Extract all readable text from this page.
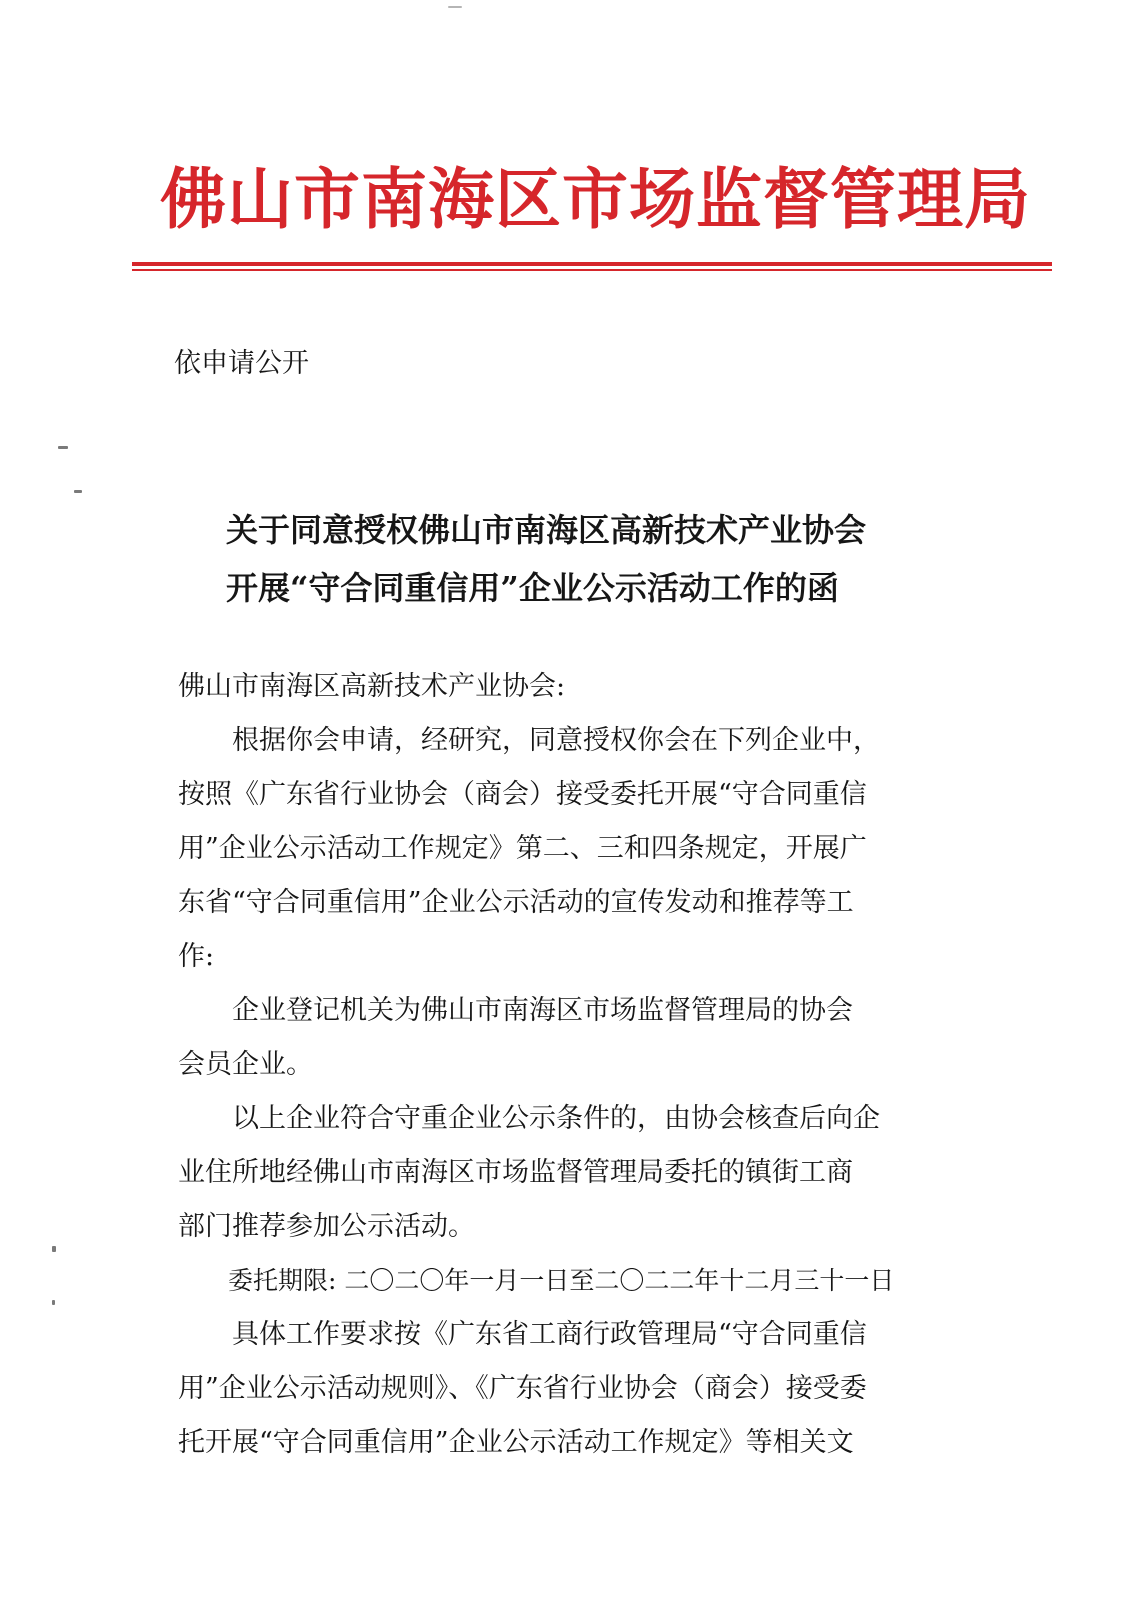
佛山市南海区市场监督管理局
依申请公开
关于同意授权佛山市南海区高新技术产业协会
开展“守合同重信用”企业公示活动工作的函
佛山市南海区高新技术产业协会:
　　根据你会申请，经研究，同意授权你会在下列企业中，
按照《广东省行业协会（商会）接受委托开展“守合同重信
用”企业公示活动工作规定》第二、三和四条规定，开展广
东省“守合同重信用”企业公示活动的宣传发动和推荐等工
作:
　　企业登记机关为佛山市南海区市场监督管理局的协会
会员企业。
　　以上企业符合守重企业公示条件的，由协会核查后向企
业住所地经佛山市南海区市场监督管理局委托的镇街工商
部门推荐参加公示活动。
　　委托期限: 二〇二〇年一月一日至二〇二二年十二月三十一日
　　具体工作要求按《广东省工商行政管理局“守合同重信
用”企业公示活动规则》、《广东省行业协会（商会）接受委
托开展“守合同重信用”企业公示活动工作规定》等相关文
